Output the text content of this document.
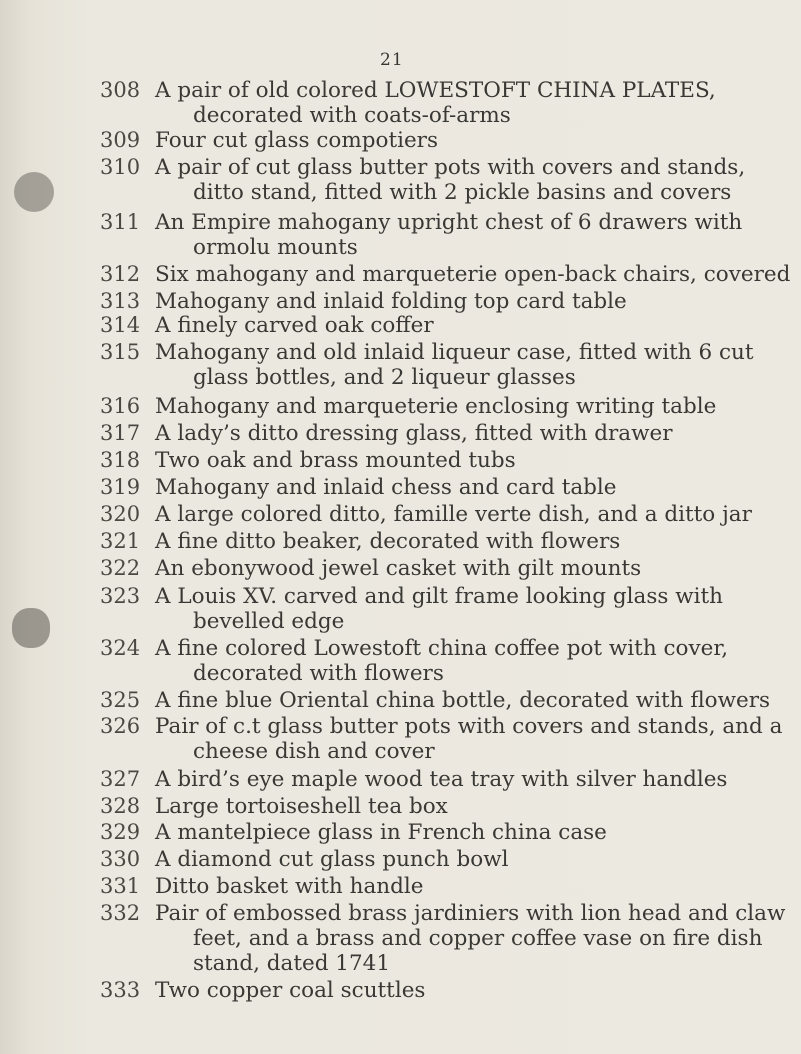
21
308 A pair of old colored LOWESTOFT CHINA PLATES,
decorated with coats-of-arms
309 Four cut glass compotiers
310 A pair of cut glass butter pots with covers and stands,
ditto stand, fitted with 2 pickle basins and covers
311 An Empire mahogany upright chest of 6 drawers with
ormolu mounts
312 Six mahogany and marqueterie open-back chairs, covered
313 Mahogany and inlaid folding top card table
314 A finely carved oak coffer
315 Mahogany and old inlaid liqueur case, fitted with 6 cut
glass bottles, and 2 liqueur glasses
316 Mahogany and marqueterie enclosing writing table
317 A lady’s ditto dressing glass, fitted with drawer
318 Two oak and brass mounted tubs
319 Mahogany and inlaid chess and card table
320 A large colored ditto, famille verte dish, and a ditto jar
321 A fine ditto beaker, decorated with flowers
322 An ebonywood jewel casket with gilt mounts
323 A Louis XV. carved and gilt frame looking glass with
bevelled edge
324 A fine colored Lowestoft china coffee pot with cover,
decorated with flowers
325 A fine blue Oriental china bottle, decorated with flowers
326 Pair of c.t glass butter pots with covers and stands, and a
cheese dish and cover
327 A bird’s eye maple wood tea tray with silver handles
328 Large tortoiseshell tea box
329 A mantelpiece glass in French china case
330 A diamond cut glass punch bowl
331 Ditto basket with handle
332 Pair of embossed brass jardiniers with lion head and claw
feet, and a brass and copper coffee vase on fire dish
stand, dated 1741
333 Two copper coal scuttles
